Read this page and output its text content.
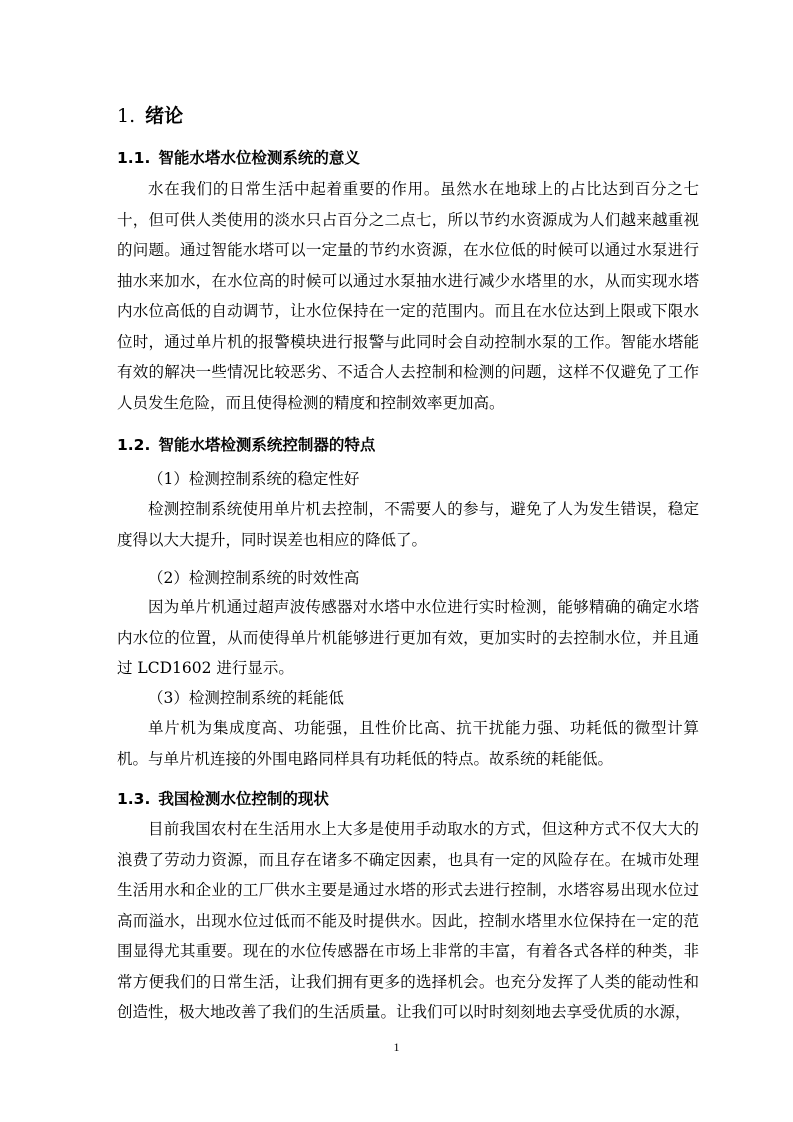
1. 绪论
1.1. 智能水塔水位检测系统的意义
水在我们的日常生活中起着重要的作用。虽然水在地球上的占比达到百分之七十，但可供人类使用的淡水只占百分之二点七，所以节约水资源成为人们越来越重视的问题。通过智能水塔可以一定量的节约水资源，在水位低的时候可以通过水泵进行抽水来加水，在水位高的时候可以通过水泵抽水进行减少水塔里的水，从而实现水塔内水位高低的自动调节，让水位保持在一定的范围内。而且在水位达到上限或下限水位时，通过单片机的报警模块进行报警与此同时会自动控制水泵的工作。智能水塔能有效的解决一些情况比较恶劣、不适合人去控制和检测的问题，这样不仅避免了工作人员发生危险，而且使得检测的精度和控制效率更加高。
1.2. 智能水塔检测系统控制器的特点
（1）检测控制系统的稳定性好
检测控制系统使用单片机去控制，不需要人的参与，避免了人为发生错误，稳定度得以大大提升，同时误差也相应的降低了。
（2）检测控制系统的时效性高
因为单片机通过超声波传感器对水塔中水位进行实时检测，能够精确的确定水塔内水位的位置，从而使得单片机能够进行更加有效，更加实时的去控制水位，并且通过 LCD1602 进行显示。
（3）检测控制系统的耗能低
单片机为集成度高、功能强，且性价比高、抗干扰能力强、功耗低的微型计算机。与单片机连接的外围电路同样具有功耗低的特点。故系统的耗能低。
1.3. 我国检测水位控制的现状
目前我国农村在生活用水上大多是使用手动取水的方式，但这种方式不仅大大的浪费了劳动力资源，而且存在诸多不确定因素，也具有一定的风险存在。在城市处理生活用水和企业的工厂供水主要是通过水塔的形式去进行控制，水塔容易出现水位过高而溢水，出现水位过低而不能及时提供水。因此，控制水塔里水位保持在一定的范围显得尤其重要。现在的水位传感器在市场上非常的丰富，有着各式各样的种类，非常方便我们的日常生活，让我们拥有更多的选择机会。也充分发挥了人类的能动性和创造性，极大地改善了我们的生活质量。让我们可以时时刻刻地去享受优质的水源，
1
